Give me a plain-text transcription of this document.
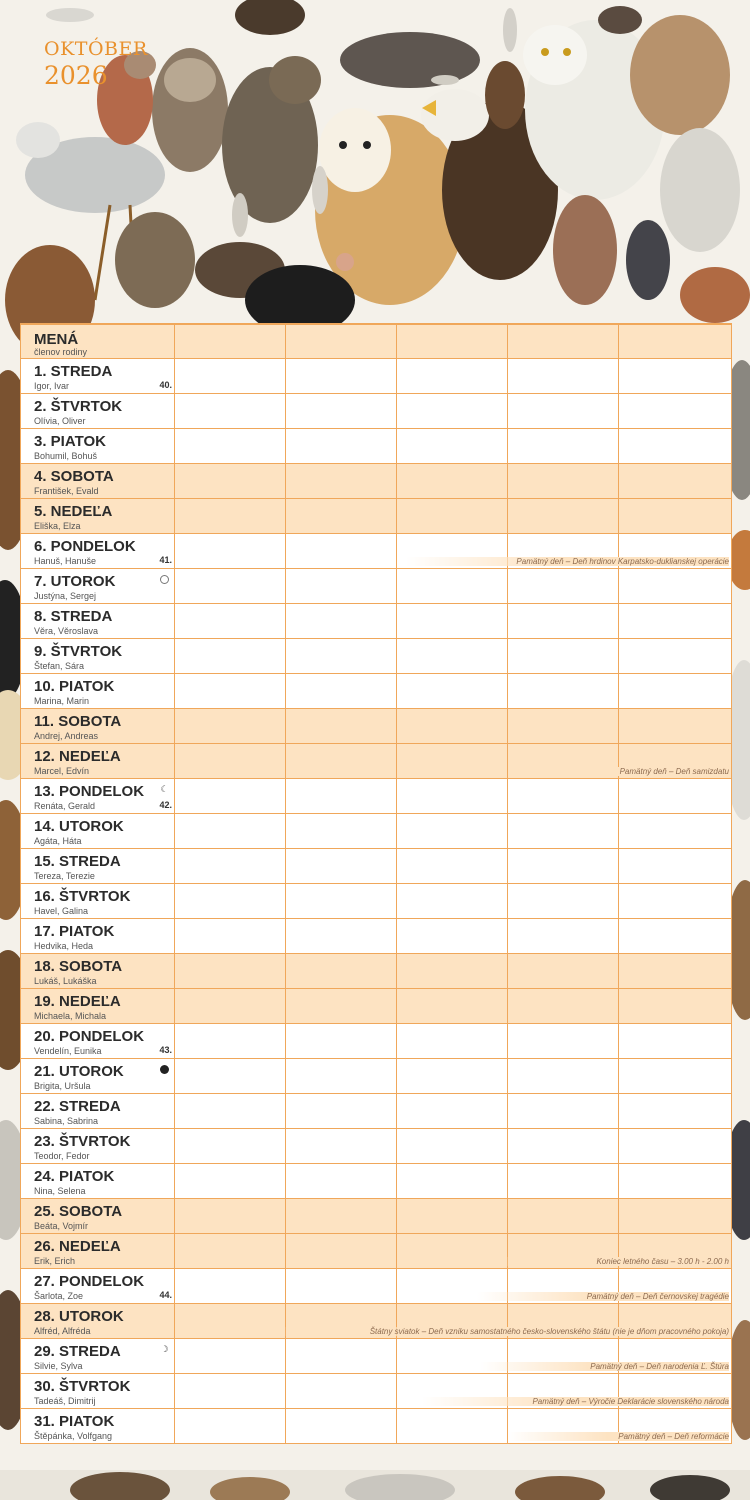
OKTÓBER
2026
MENÁ
členov rodiny
1. STREDA
Igor, Ivar	40.
2. ŠTVRTOK
Olívia, Oliver
3. PIATOK
Bohumil, Bohuš
4. SOBOTA
František, Evald
5. NEDEĽA
Eliška, Elza
6. PONDELOK
Hanuš, Hanuše	41.	Pamätný deň – Deň hrdinov Karpatsko-duklianskej operácie
7. UTOROK
Justýna, Sergej
8. STREDA
Věra, Věroslava
9. ŠTVRTOK
Štefan, Sára
10. PIATOK
Marina, Marin
11. SOBOTA
Andrej, Andreas
12. NEDEĽA
Marcel, Edvín	Pamätný deň – Deň samizdatu
13. PONDELOK
Renáta, Gerald	42.
☾
14. UTOROK
Agáta, Háta
15. STREDA
Tereza, Terezie
16. ŠTVRTOK
Havel, Galina
17. PIATOK
Hedvika, Heda
18. SOBOTA
Lukáš, Lukáška
19. NEDEĽA
Michaela, Michala
20. PONDELOK
Vendelín, Eunika	43.
21. UTOROK
Brigita, Uršula
22. STREDA
Sabina, Sabrina
23. ŠTVRTOK
Teodor, Fedor
24. PIATOK
Nina, Selena
25. SOBOTA
Beáta, Vojmír
26. NEDEĽA
Erik, Erich	Koniec letného času – 3.00 h - 2.00 h
27. PONDELOK
Šarlota, Zoe	44.	Pamätný deň – Deň černovskej tragédie
28. UTOROK
Alfréd, Alfréda	Štátny sviatok – Deň vzniku samostatného česko-slovenského štátu (nie je dňom pracovného pokoja)
29. STREDA
Silvie, Sylva
☽
Pamätný deň – Deň narodenia Ľ. Štúra
30. ŠTVRTOK
Tadeáš, Dimitrij	Pamätný deň – Výročie Deklarácie slovenského národa
31. PIATOK
Štěpánka, Volfgang	Pamätný deň – Deň reformácie
